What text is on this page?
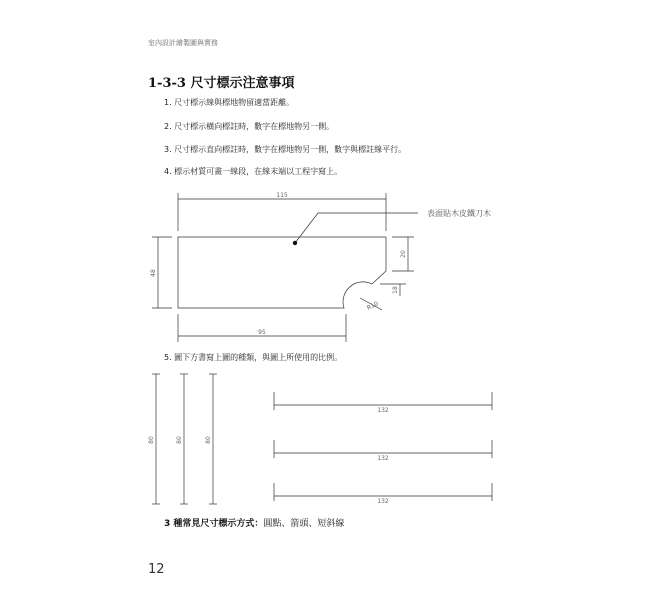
室內設計繪製圖與實務
1-3-3 尺寸標示注意事項
1. 尺寸標示線與標地物留適當距離。
2. 尺寸標示橫向標註時，數字在標地物另一側。
3. 尺寸標示直向標註時，數字在標地物另一側，數字與標註線平行。
4. 標示材質可畫一線段，在線末端以工程字寫上。
115
95
48
20
18
R10
表面貼木皮鐵刀木
5. 圖下方書寫上圖的種類，與圖上所使用的比例。
80	80	80
132
132
132
3 種常見尺寸標示方式：圓點、箭頭、短斜線
12
